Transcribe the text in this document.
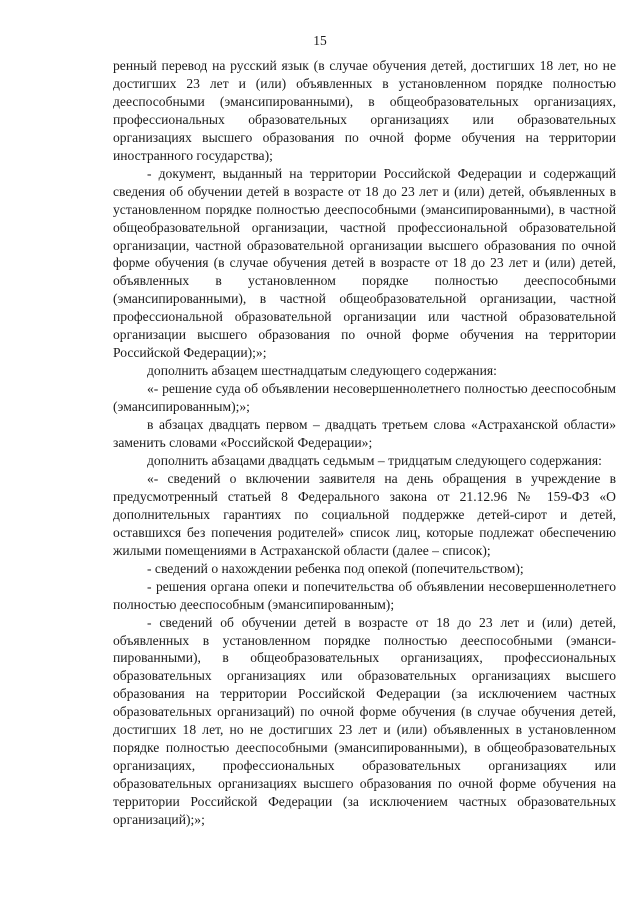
15

ренный перевод на русский язык (в случае обучения детей, достигших 18 лет, но не достигших 23 лет и (или) объявленных в установленном порядке полностью дееспособными (эмансипированными), в общеобразовательных организациях, профессиональных образовательных организациях или образовательных организациях высшего образования по очной форме обучения на территории иностранного государства);

- документ, выданный на территории Российской Федерации и содержащий сведения об обучении детей в возрасте от 18 до 23 лет и (или) детей, объявленных в установленном порядке полностью дееспособными (эмансипированными), в частной общеобразовательной организации, частной профессиональной образовательной организации, частной образовательной организации высшего образования по очной форме обучения (в случае обучения детей в возрасте от 18 до 23 лет и (или) детей, объявленных в установленном порядке полностью дееспособными (эмансипированными), в частной общеобразовательной организации, частной профессиональной образовательной организации или частной образовательной организации высшего образования по очной форме обучения на территории Российской Федерации);»;

дополнить абзацем шестнадцатым следующего содержания:

«- решение суда об объявлении несовершеннолетнего полностью дееспособным (эмансипированным);»;

в абзацах двадцать первом – двадцать третьем слова «Астраханской области» заменить словами «Российской Федерации»;

дополнить абзацами двадцать седьмым – тридцатым следующего содержания:

«- сведений о включении заявителя на день обращения в учреждение в предусмотренный статьей 8 Федерального закона от 21.12.96 № 159-ФЗ «О дополнительных гарантиях по социальной поддержке детей-сирот и детей, оставшихся без попечения родителей» список лиц, которые подлежат обеспечению жилыми помещениями в Астраханской области (далее – список);

- сведений о нахождении ребенка под опекой (попечительством);

- решения органа опеки и попечительства об объявлении несовершеннолетнего полностью дееспособным (эмансипированным);

- сведений об обучении детей в возрасте от 18 до 23 лет и (или) детей, объявленных в установленном порядке полностью дееспособными (эмансипированными), в общеобразовательных организациях, профессиональных образовательных организациях или образовательных организациях высшего образования на территории Российской Федерации (за исключением частных образовательных организаций) по очной форме обучения (в случае обучения детей, достигших 18 лет, но не достигших 23 лет и (или) объявленных в установленном порядке полностью дееспособными (эмансипированными), в общеобразовательных организациях, профессиональных образовательных организациях или образовательных организациях высшего образования по очной форме обучения на территории Российской Федерации (за исключением частных образовательных организаций);»;
